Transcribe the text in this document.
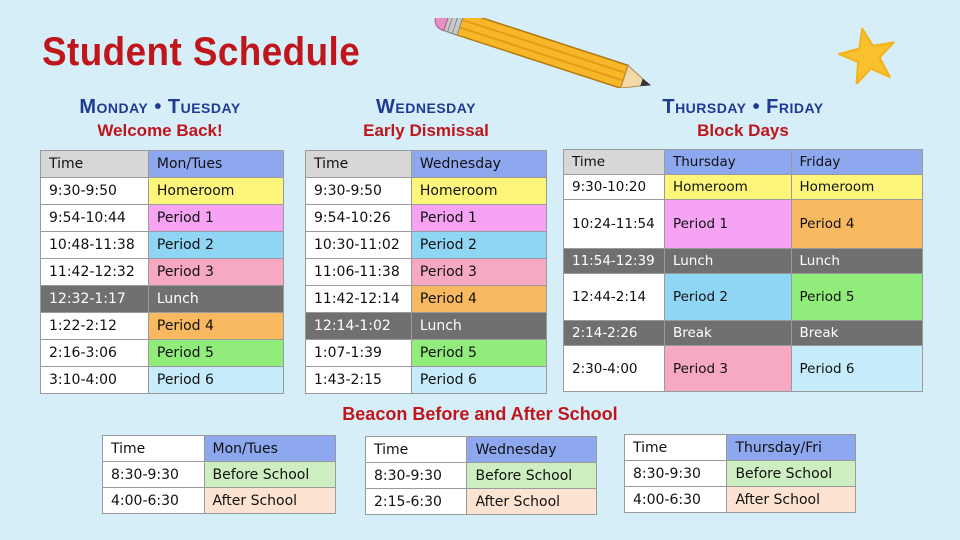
Student Schedule
Monday • Tuesday
Welcome Back!
Wednesday
Early Dismissal
Thursday • Friday
Block Days
Time	Mon/Tues
9:30-9:50	Homeroom
9:54-10:44	Period 1
10:48-11:38	Period 2
11:42-12:32	Period 3
12:32-1:17	Lunch
1:22-2:12	Period 4
2:16-3:06	Period 5
3:10-4:00	Period 6
Time	Wednesday
9:30-9:50	Homeroom
9:54-10:26	Period 1
10:30-11:02	Period 2
11:06-11:38	Period 3
11:42-12:14	Period 4
12:14-1:02	Lunch
1:07-1:39	Period 5
1:43-2:15	Period 6
Time	Thursday	Friday
9:30-10:20	Homeroom	Homeroom
10:24-11:54	Period 1	Period 4
11:54-12:39	Lunch	Lunch
12:44-2:14	Period 2	Period 5
2:14-2:26	Break	Break
2:30-4:00	Period 3	Period 6
Beacon Before and After School
Time	Mon/Tues
8:30-9:30	Before School
4:00-6:30	After School
Time	Wednesday
8:30-9:30	Before School
2:15-6:30	After School
Time	Thursday/Fri
8:30-9:30	Before School
4:00-6:30	After School
